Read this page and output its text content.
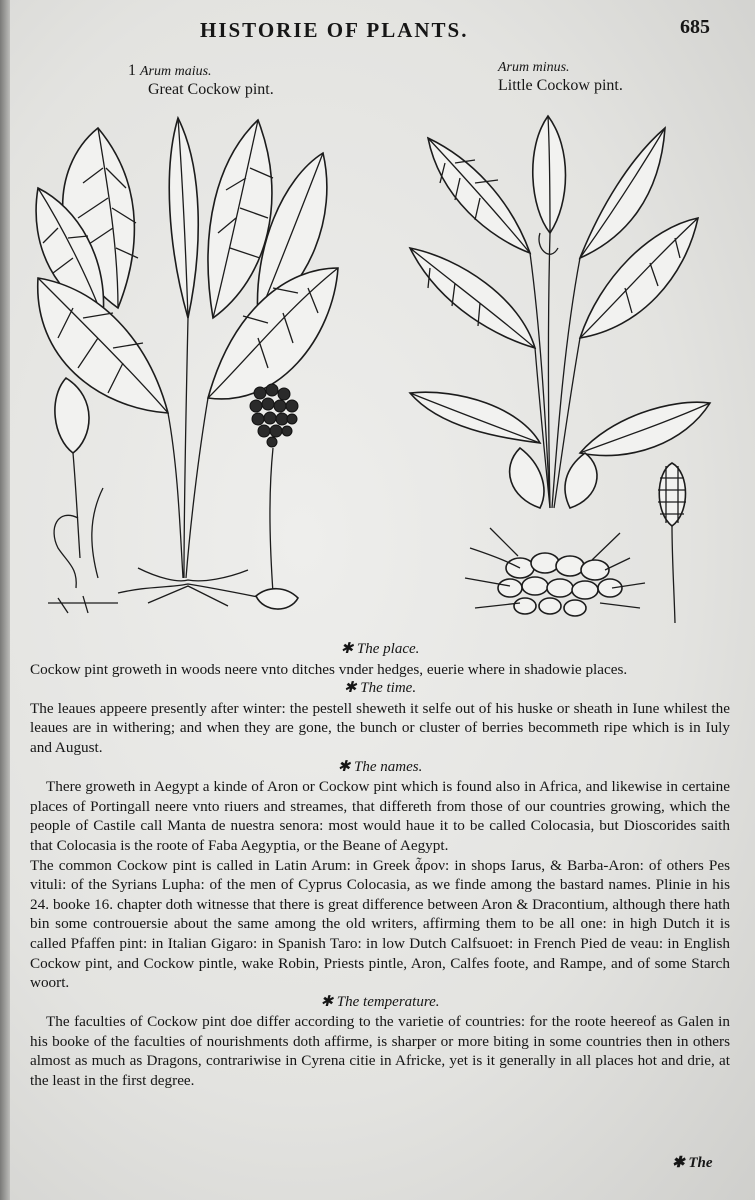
HISTORIE OF PLANTS.	685
1 Arum maius.
Great Cockow pint.
Arum minus.
Little Cockow pint.

✱ The place.

Cockow pint groweth in woods neere vnto ditches vnder hedges, euerie where in shadowie places.

✱ The time.

The leaues appeere presently after winter: the pestell sheweth it selfe out of his huske or sheath in Iune whilest the leaues are in withering; and when they are gone, the bunch or cluster of berries becommeth ripe which is in Iuly and August.

✱ The names.

There groweth in Aegypt a kinde of Aron or Cockow pint which is found also in Africa, and likewise in certaine places of Portingall neere vnto riuers and streames, that differeth from those of our countries growing, which the people of Castile call Manta de nuestra senora: most would haue it to be called Colocasia, but Dioscorides saith that Colocasia is the roote of Faba Aegyptia, or the Beane of Aegypt.

The common Cockow pint is called in Latin Arum: in Greek ἆρον: in shops Iarus, & Barba-Aron: of others Pes vituli: of the Syrians Lupha: of the men of Cyprus Colocasia, as we finde among the bastard names. Plinie in his 24. booke 16. chapter doth witnesse that there is great difference between Aron & Dracontium, although there hath bin some controuersie about the same among the old writers, affirming them to be all one: in high Dutch it is called Pfaffen pint: in Italian Gigaro: in Spanish Taro: in low Dutch Calfsuoet: in French Pied de veau: in English Cockow pint, and Cockow pintle, wake Robin, Priests pintle, Aron, Calfes foote, and Rampe, and of some Starch woort.

✱ The temperature.

The faculties of Cockow pint doe differ according to the varietie of countries: for the roote heereof as Galen in his booke of the faculties of nourishments doth affirme, is sharper or more biting in some countries then in others almost as much as Dragons, contrariwise in Cyrena citie in Africke, yet is it generally in all places hot and drie, at the least in the first degree.

✱ The
